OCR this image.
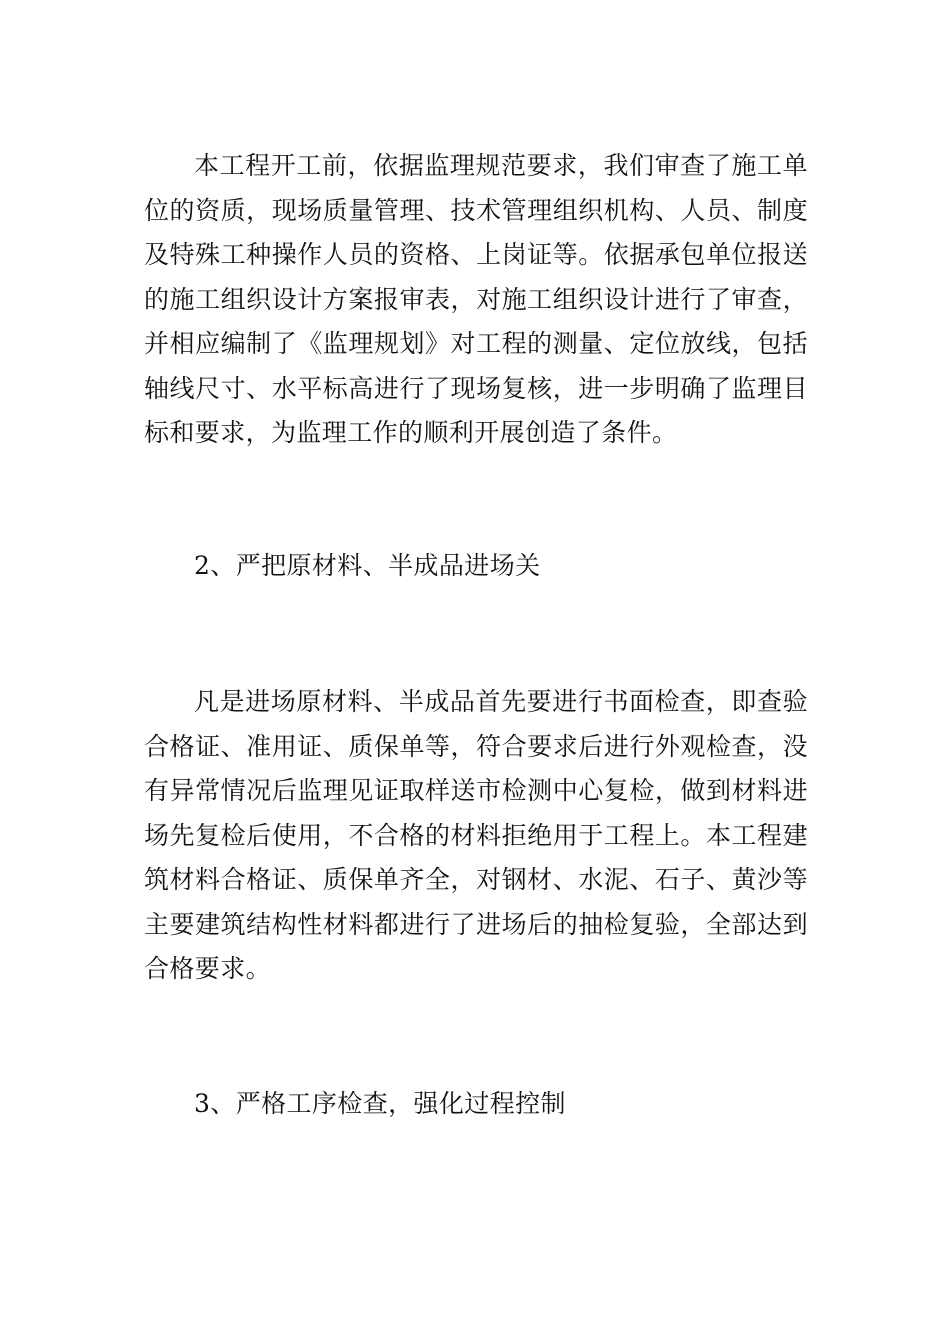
本工程开工前，依据监理规范要求，我们审查了施工单位的资质，现场质量管理、技术管理组织机构、人员、制度及特殊工种操作人员的资格、上岗证等。依据承包单位报送的施工组织设计方案报审表，对施工组织设计进行了审查，并相应编制了《监理规划》对工程的测量、定位放线，包括轴线尺寸、水平标高进行了现场复核，进一步明确了监理目标和要求，为监理工作的顺利开展创造了条件。

2、严把原材料、半成品进场关

凡是进场原材料、半成品首先要进行书面检查，即查验合格证、准用证、质保单等，符合要求后进行外观检查，没有异常情况后监理见证取样送市检测中心复检，做到材料进场先复检后使用，不合格的材料拒绝用于工程上。本工程建筑材料合格证、质保单齐全，对钢材、水泥、石子、黄沙等主要建筑结构性材料都进行了进场后的抽检复验，全部达到合格要求。

3、严格工序检查，强化过程控制
